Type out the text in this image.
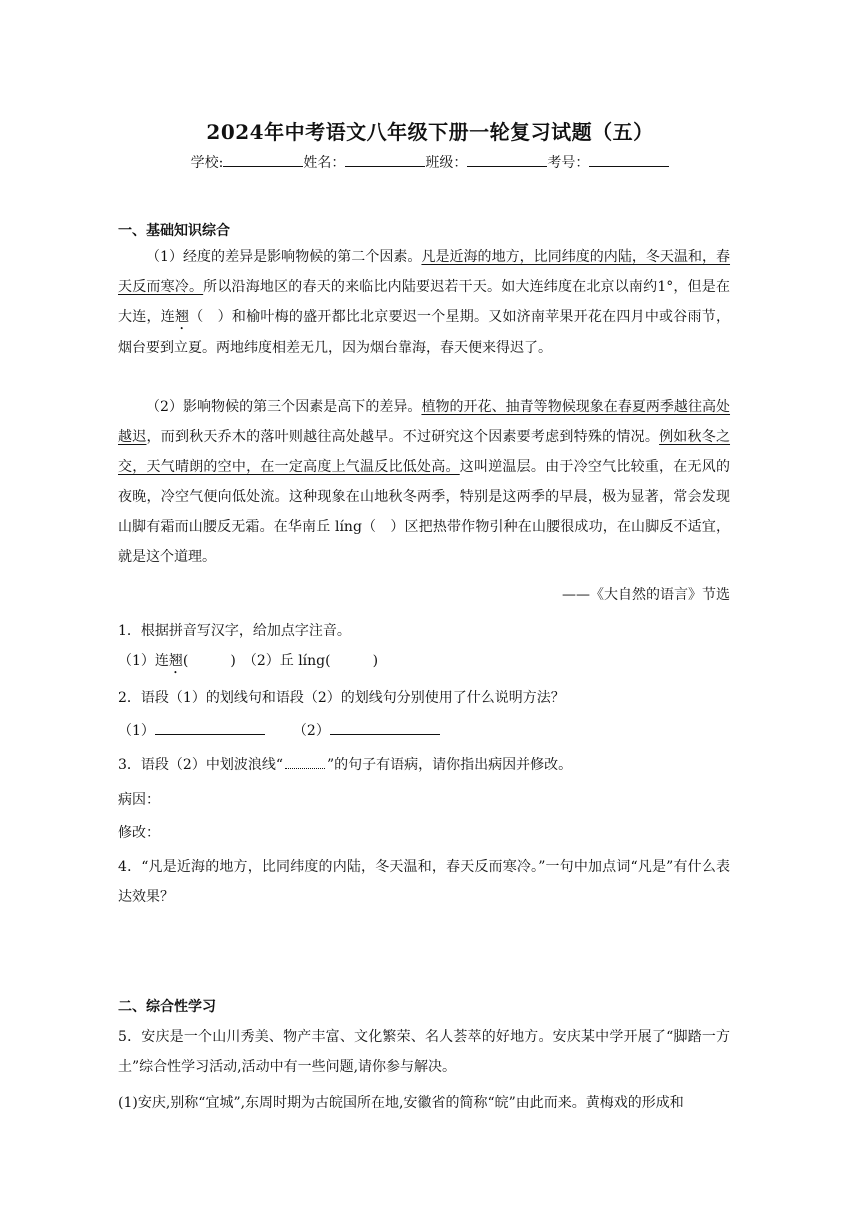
2024年中考语文八年级下册一轮复习试题（五）
学校:	姓名：	班级：	考号：
一、基础知识综合

（1）经度的差异是影响物候的第二个因素。凡是近海的地方，比同纬度的内陆，冬天温和，春天反而寒冷。所以沿海地区的春天的来临比内陆要迟若干天。如大连纬度在北京以南约1°，但是在大连，连翘（　）和榆叶梅的盛开都比北京要迟一个星期。又如济南苹果开花在四月中或谷雨节，烟台要到立夏。两地纬度相差无几，因为烟台靠海，春天便来得迟了。

（2）影响物候的第三个因素是高下的差异。植物的开花、抽青等物候现象在春夏两季越往高处越迟，而到秋天乔木的落叶则越往高处越早。不过研究这个因素要考虑到特殊的情况。例如秋冬之交，天气晴朗的空中，在一定高度上气温反比低处高。这叫逆温层。由于冷空气比较重，在无风的夜晚，冷空气便向低处流。这种现象在山地秋冬两季，特别是这两季的早晨，极为显著，常会发现山脚有霜而山腰反无霜。在华南丘 líng（　）区把热带作物引种在山腰很成功，在山脚反不适宜，就是这个道理。

——《大自然的语言》节选
1．根据拼音写汉字，给加点字注音。
（1）连翘(　　　)　（2）丘 líng(　　　)
2．语段（1）的划线句和语段（2）的划线句分别使用了什么说明方法？
（1）	（2）
3．语段（2）中划波浪线“	”的句子有语病，请你指出病因并修改。
病因：
修改：
4．“凡是近海的地方，比同纬度的内陆，冬天温和，春天反而寒冷。”一句中加点词“凡是”有什么表达效果？
二、综合性学习
5．安庆是一个山川秀美、物产丰富、文化繁荣、名人荟萃的好地方。安庆某中学开展了“脚踏一方土”综合性学习活动,活动中有一些问题,请你参与解决。
(1)安庆,别称“宜城”,东周时期为古皖国所在地,安徽省的简称“皖”由此而来。黄梅戏的形成和
